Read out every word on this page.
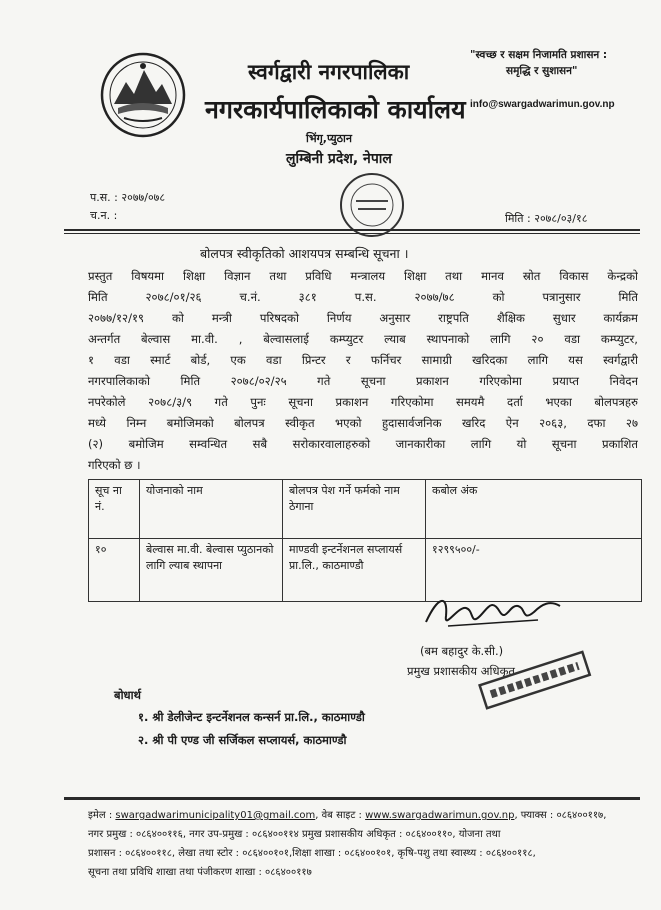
स्वर्गद्वारी नगरपालिका
नगरकार्यपालिकाको कार्यालय
"स्वच्छ र सक्षम निजामति प्रशासन :
समृद्धि र सुशासन"
info@swargadwarimun.gov.np
भिंगृ,प्युठान
लुम्बिनी प्रदेश, नेपाल
प.स. : २०७७/०७८
च.न. :	मिति : २०७८/०३/१८
बोलपत्र स्वीकृतिको आशयपत्र सम्बन्धि सूचना ।
प्रस्तुत विषयमा शिक्षा विज्ञान तथा प्रविधि मन्त्रालय शिक्षा तथा मानव स्रोत विकास केन्द्रको
मिति २०७८/०१/२६ च.नं. ३८१ प.स. २०७७/७८ को पत्रानुसार मिति
२०७७/१२/१९ को मन्त्री परिषदको निर्णय अनुसार राष्ट्रपति शैक्षिक सुधार कार्यक्रम
अन्तर्गत बेल्वास मा.वी. , बेल्वासलाई कम्प्युटर ल्याब स्थापनाको लागि २० वडा कम्प्युटर,
१ वडा स्मार्ट बोर्ड, एक वडा प्रिन्टर र फर्निचर सामाग्री खरिदका लागि यस स्वर्गद्वारी
नगरपालिकाको मिति २०७८/०२/२५ गते सूचना प्रकाशन गरिएकोमा प्रयाप्त निवेदन
नपरेकोले २०७८/३/९ गते पुनः सूचना प्रकाशन गरिएकोमा समयमै दर्ता भएका बोलपत्रहरु
मध्ये निम्न बमोजिमको बोलपत्र स्वीकृत भएको हुदासार्वजनिक खरिद ऐन २०६३, दफा २७
(२) बमोजिम सम्वन्धित सबै सरोकारवालाहरुको जानकारीका लागि यो सूचना प्रकाशित
गरिएको छ ।
सूच ना नं.	योजनाको नाम	बोलपत्र पेश गर्ने फर्मको नाम ठेगाना	कबोल अंक
१०	बेल्वास मा.वी. बेल्वास प्युठानको लागि ल्याब स्थापना	माण्डवी इन्टर्नेशनल सप्लायर्स प्रा.लि., काठमाण्डौ	१२९९५००/-
(बम बहादुर के.सी.)
प्रमुख प्रशासकीय अधिकृत
बोधार्थ
१. श्री डेलीजेन्ट इन्टर्नेशनल कन्सर्न प्रा.लि., काठमाण्डौ
२. श्री पी एण्ड जी सर्जिकल सप्लायर्स, काठमाण्डौ
इमेल : swargadwarimunicipality01@gmail.com, वेब साइट : www.swargadwarimun.gov.np, फ्याक्स : ०८६४००११७,
नगर प्रमुख : ०८६४००११६, नगर उप-प्रमुख : ०८६४००११४ प्रमुख प्रशासकीय अधिकृत : ०८६४००११०, योजना तथा
प्रशासन : ०८६४००११८, लेखा तथा स्टोर : ०८६४००१०१,शिक्षा शाखा : ०८६४००१०१, कृषि-पशु तथा स्वास्थ्य : ०८६४००११८,
सूचना तथा प्रविधि शाखा तथा पंजीकरण शाखा : ०८६४००११७
